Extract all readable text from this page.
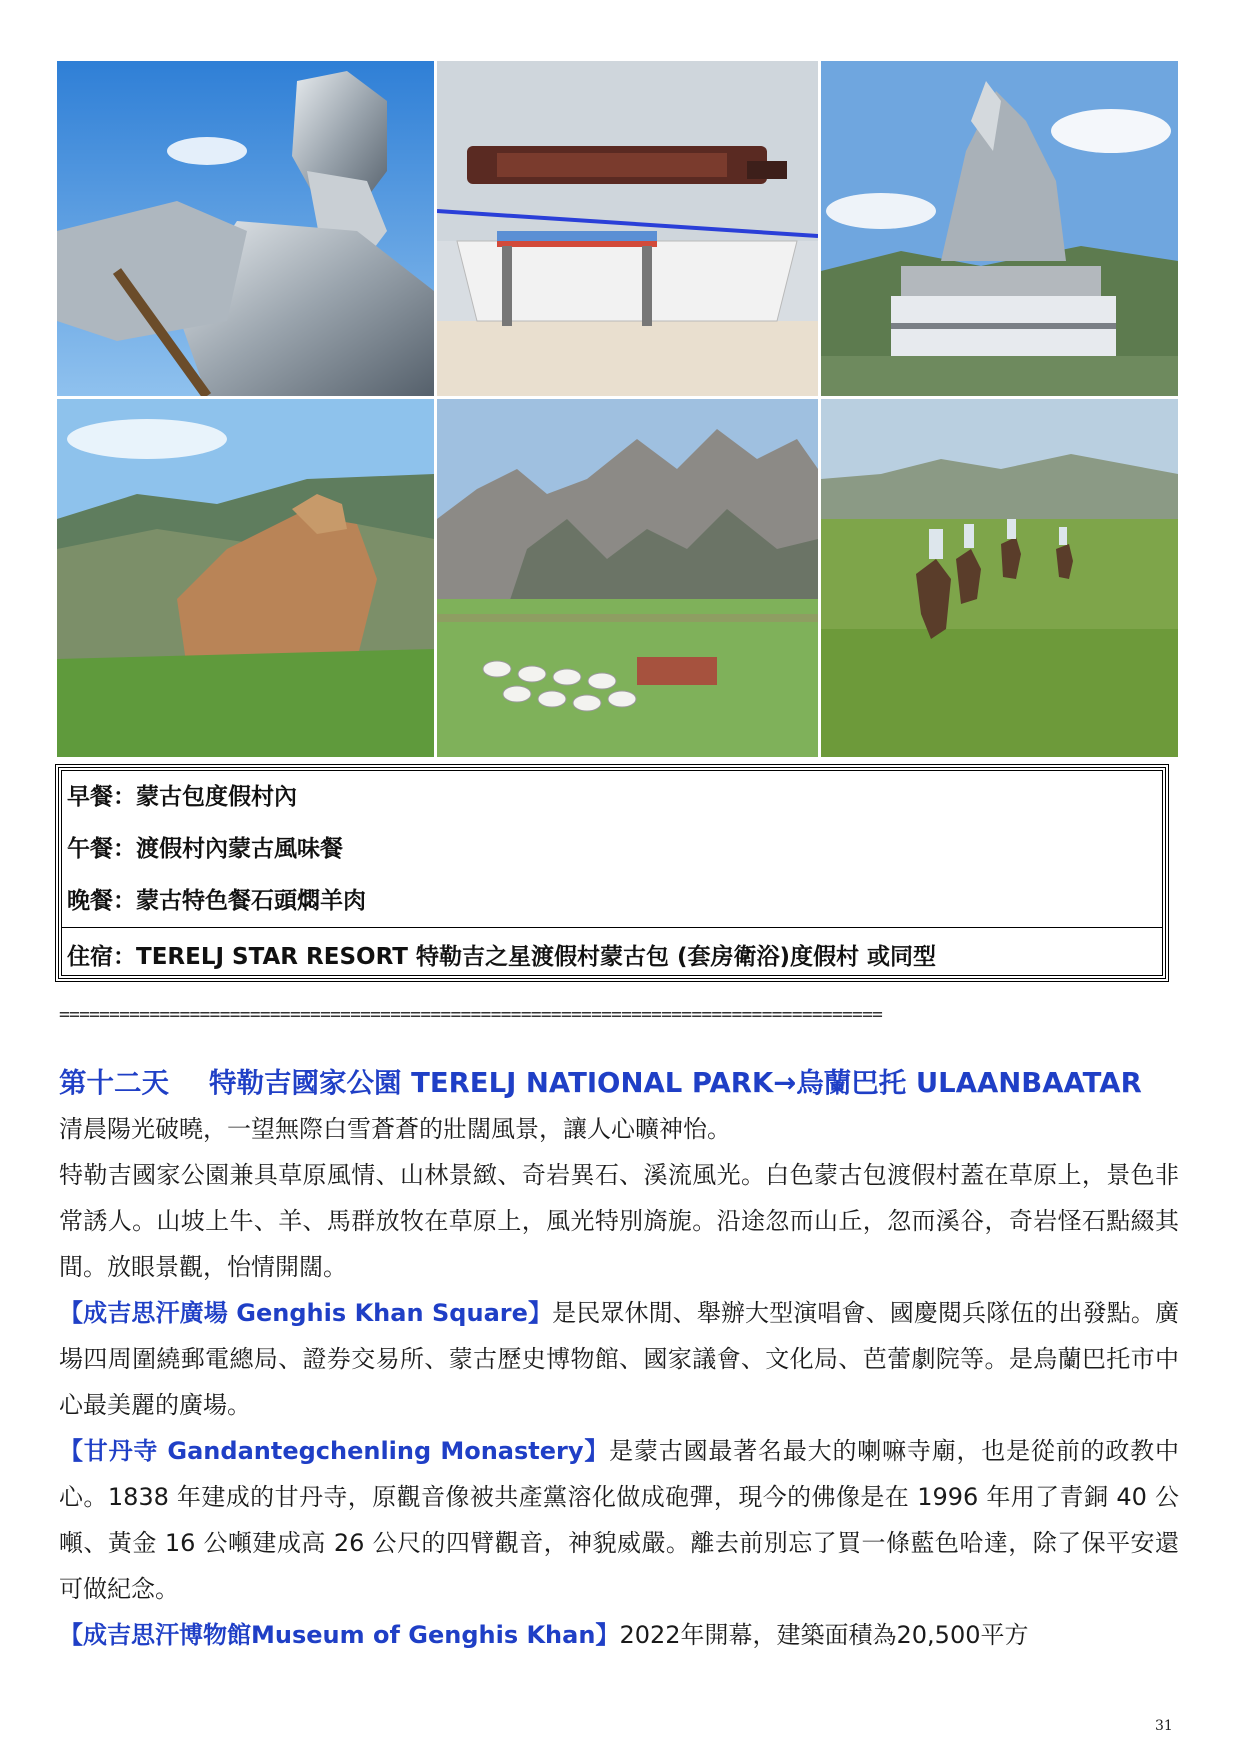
早餐：蒙古包度假村內
午餐：渡假村內蒙古風味餐
晚餐：蒙古特色餐石頭燜羊肉
住宿：TERELJ STAR RESORT 特勒吉之星渡假村蒙古包 (套房衛浴)度假村 或同型
==================================================================================
第十二天 特勒吉國家公園 TERELJ NATIONAL PARK→烏蘭巴托 ULAANBAATAR
清晨陽光破曉，一望無際白雪蒼蒼的壯闊風景，讓人心曠神怡。
特勒吉國家公園兼具草原風情、山林景緻、奇岩異石、溪流風光。白色蒙古包渡假村蓋在草原上，景色非常誘人。山坡上牛、羊、馬群放牧在草原上，風光特別旖旎。沿途忽而山丘，忽而溪谷，奇岩怪石點綴其間。放眼景觀，怡情開闊。
【成吉思汗廣場 Genghis Khan Square】是民眾休閒、舉辦大型演唱會、國慶閱兵隊伍的出發點。廣場四周圍繞郵電總局、證券交易所、蒙古歷史博物館、國家議會、文化局、芭蕾劇院等。是烏蘭巴托市中心最美麗的廣場。
【甘丹寺 Gandantegchenling Monastery】是蒙古國最著名最大的喇嘛寺廟，也是從前的政教中心。1838 年建成的甘丹寺，原觀音像被共產黨溶化做成砲彈，現今的佛像是在 1996 年用了青銅 40 公噸、黃金 16 公噸建成高 26 公尺的四臂觀音，神貌威嚴。離去前別忘了買一條藍色哈達，除了保平安還可做紀念。
【成吉思汗博物館Museum of Genghis Khan】2022年開幕，建築面積為20,500平方
31
